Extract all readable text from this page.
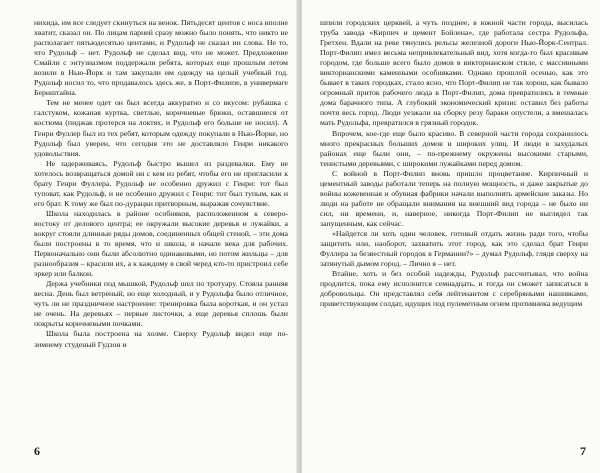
нихида, им все следует скинуться на венок. Пятьдесят центов с носа вполне хватит, сказал он. По лицам парней сразу можно было понять, что никто не располагает пятьюдесятью центами, и Рудольф не сказал ни слова. Не то, что Рудольф – нет. Рудольф не сделал вид, что не может. Предложение Смайли с энтузиазмом поддержали ребята, которых еще прошлым летом возили в Нью-Йорк и там закупали им одежду на целый учебный год. Рудольф носил то, что продавалось здесь же, в Порт-Филипе, в универмаге Бернштайна.

Тем не менее одет он был всегда аккуратно и со вкусом: рубашка с галстуком, кожаная куртка, светлые, коричневые брюки, оставшиеся от костюма (пиджак протерся на локтях, и Рудольф его больше не носил). А Генри Фуллер был из тех ребят, которым одежду покупали в Нью-Йорке, но Рудольф был уверен, что сегодня это не доставляло Генри никакого удовольствия.

Не задерживаясь, Рудольф быстро вышел из раздевалки. Ему не хотелось возвращаться домой ни с кем из ребят, чтобы его не пригласили к брату Генри Фуллера. Рудольф не особенно дружил с Генри: тот был туповат, как Рудольф, и не особенно дружил с Генри: тот был тупым, как и его брат. К тому же был по-дурацки притворным, выражая сочувствие.

Школа находилась в районе особняков, расположенном к северо-востоку от делового центра; ее окружали высокие деревья и лужайки, а вокруг стояли длинные ряды домов, соединенных общей стеной, – эти дома были построены в то время, что и школа, в начале века для рабочих. Первоначально они были абсолютно одинаковыми, но потом жильцы – для разнообразия – красили их, а к каждому в свой черед кто-то пристроил себе эркер или балкон.

Держа учебники под мышкой, Рудольф шел по тротуару. Стояла ранняя весна. День был ветреный, но еще холодный, и у Рудольфа было отличное, чуть ли не праздничное настроение: тренировка была короткая, и он устал не очень. На деревьях – первые листочки, а еще деревья сплошь были покрыты коричневыми почками.

Школа была построена на холме. Сверху Рудольф видел еще по-зимнему студеный Гудзон и

6

шпили городских церквей, а чуть позднее, в южной части города, высилась труба завода «Кирпич и цемент Бойленa», где работала сестра Рудольфа, Гретхен. Вдали на реке тянулись рельсы железной дороги Нью-Йорк-Сентрал. Порт-Филип имел весьма непривлекательный вид, хотя когда-то был красивым городом, где больше всего было домов в викторианском стиле, с массивными викторианскими каменными особняками. Однако прошлой осенью, как это бывает в таких городках, стало ясно, что Порт-Филип не так хорош, как бывало огромный приток рабочего люда в Порт-Филип, дома превратились в темные дома барачного типа. А глубокий экономический кризис оставил без работы почти весь город. Люди уезжали на сборку резу бараки опустели, а вмешалась мать Рудольфа, превратился в грязный городок.

Впрочем, кое-где еще было красиво. В северной части города сохранилось много прекрасных больших домов и широких улиц. И люди в захудалых районах еще были они, – по-прежнему окружены высокими старыми, тенистыми деревьями, с широкими лужайками перед домом.

С войной в Порт-Филип вновь пришло процветание. Кирпичный и цементный заводы работали теперь на полную мощность, и даже закрытые до войны кожевенная и обувная фабрики начали выполнять армейские заказы. Но люди на работе не обращали внимания на внешний вид города – не было ни сил, ни времени, и, наверное, никогда Порт-Филип не выглядел так запущенным, как сейчас.

«Найдется ли хоть один человек, готовый отдать жизнь ради того, чтобы защитить или, наоборот, захватить этот город, как это сделал брат Генри Фуллера за безвестный городок в Германии?» – думал Рудольф, глядя сверху на затянутый дымом город. – Лично я – нет.

Втайне, хоть и без особой надежды, Рудольф рассчитывал, что война продлится, пока ему исполнится семнадцать, и тогда он сможет записаться в добровольцы. Он представлял себя лейтенантом с серебряными нашивками, приветствующим солдат, идущих под пулеметным огнем противника ведущим

7
